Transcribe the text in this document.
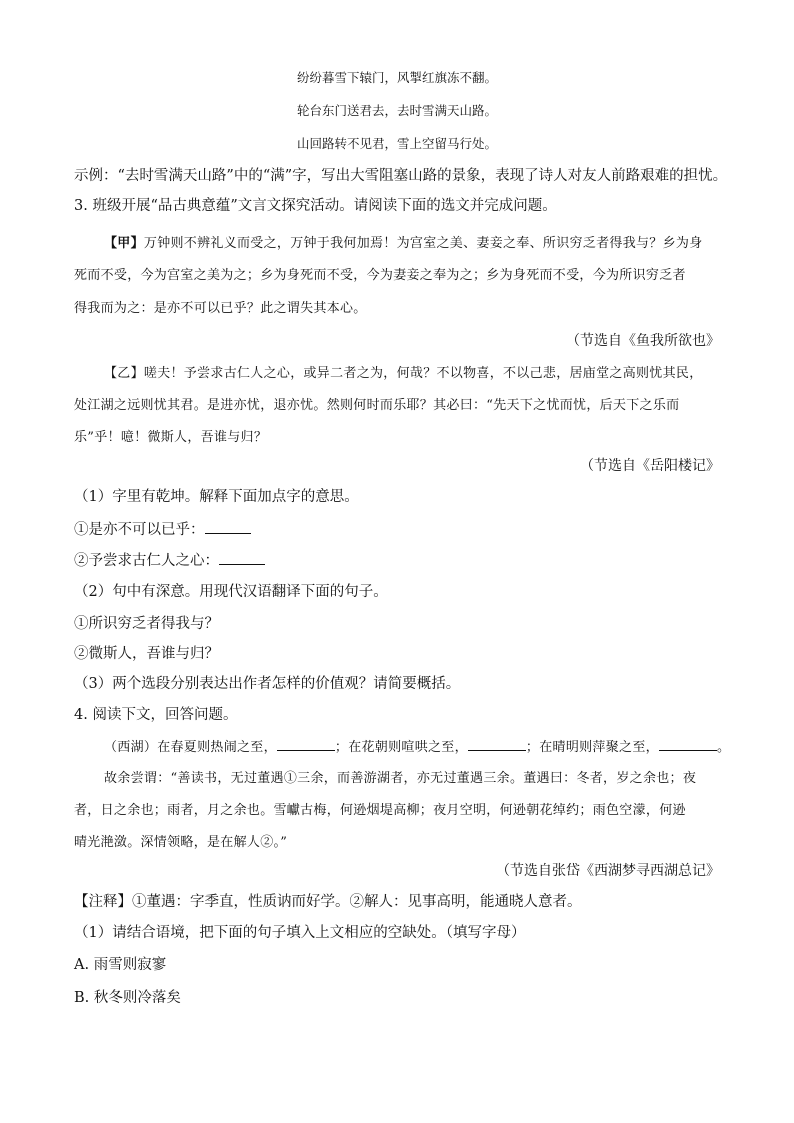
纷纷暮雪下辕门，风掣红旗冻不翻。
轮台东门送君去，去时雪满天山路。
山回路转不见君，雪上空留马行处。
示例：“去时雪满天山路”中的“满”字，写出大雪阻塞山路的景象，表现了诗人对友人前路艰难的担忧。
3. 班级开展“品古典意蕴”文言文探究活动。请阅读下面的选文并完成问题。
【甲】万钟则不辨礼义而受之，万钟于我何加焉！为宫室之美、妻妾之奉、所识穷乏者得我与？乡为身
死而不受，今为宫室之美为之；乡为身死而不受，今为妻妾之奉为之；乡为身死而不受，今为所识穷乏者
得我而为之：是亦不可以已乎？此之谓失其本心。
（节选自《鱼我所欲也》
【乙】嗟夫！予尝求古仁人之心，或异二者之为，何哉？不以物喜，不以己悲，居庙堂之高则忧其民，
处江湖之远则忧其君。是进亦忧，退亦忧。然则何时而乐耶？其必曰：“先天下之忧而忧，后天下之乐而
乐”乎！噫！微斯人，吾谁与归？
（节选自《岳阳楼记》
（1）字里有乾坤。解释下面加点字的意思。
①是亦不可以已乎：
②予尝求古仁人之心：
（2）句中有深意。用现代汉语翻译下面的句子。
①所识穷乏者得我与？
②微斯人，吾谁与归？
（3）两个选段分别表达出作者怎样的价值观？请简要概括。
4. 阅读下文，回答问题。
（西湖）在春夏则热闹之至，	；在花朝则喧哄之至，	；在晴明则萍聚之至，	。
故余尝谓：“善读书，无过董遇①三余，而善游湖者，亦无过董遇三余。董遇曰：冬者，岁之余也；夜
者，日之余也；雨者，月之余也。雪巘古梅，何逊烟堤高柳；夜月空明，何逊朝花绰约；雨色空濛，何逊
晴光滟潋。深情领略，是在解人②。”
（节选自张岱《西湖梦寻西湖总记》
【注释】①董遇：字季直，性质讷而好学。②解人：见事高明，能通晓人意者。
（1）请结合语境，把下面的句子填入上文相应的空缺处。（填写字母）
A. 雨雪则寂寥
B. 秋冬则冷落矣
